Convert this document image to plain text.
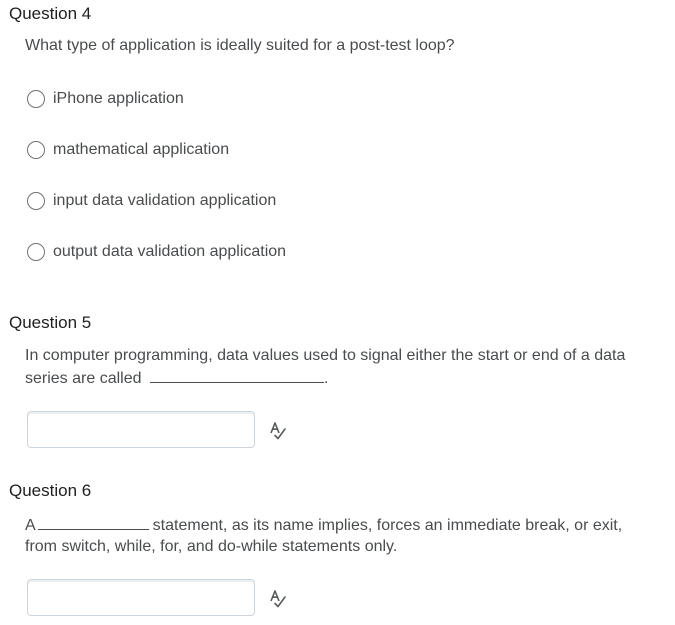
Question 4
What type of application is ideally suited for a post-test loop?
iPhone application
mathematical application
input data validation application
output data validation application
Question 5
In computer programming, data values used to signal either the start or end of a data
series are called	.
Question 6
A	statement, as its name implies, forces an immediate break, or exit,
from switch, while, for, and do-while statements only.
